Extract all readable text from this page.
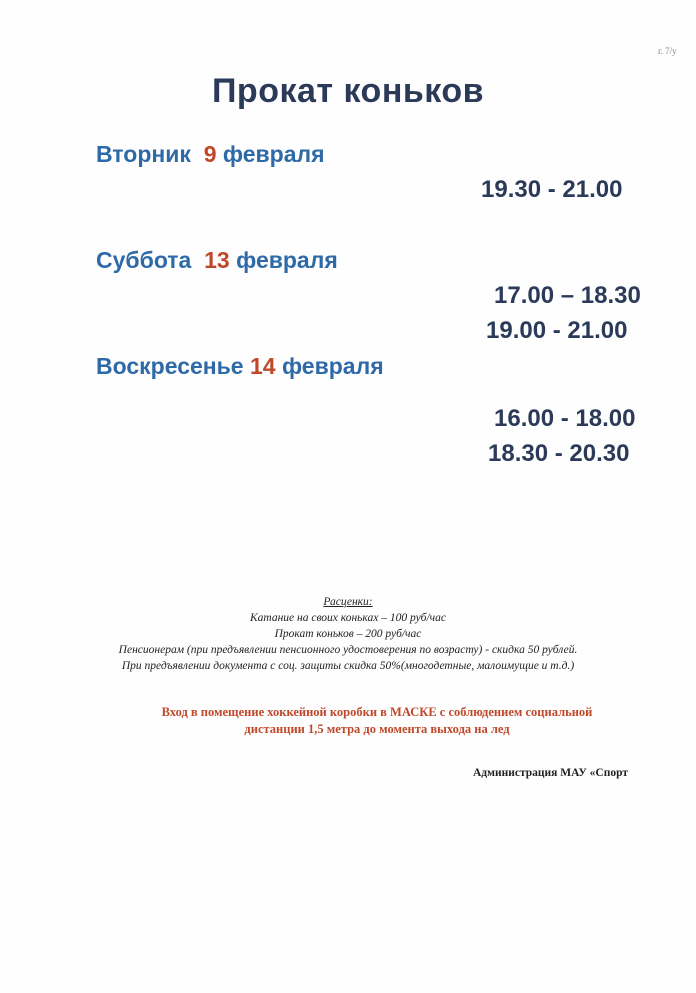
г. 7/у
Прокат коньков
Вторник 9 февраля
19.30 - 21.00
Суббота 13 февраля
17.00 – 18.30
19.00 - 21.00
Воскресенье 14 февраля
16.00 - 18.00
18.30 - 20.30
Расценки:
Катание на своих коньках – 100 руб/час
Прокат коньков – 200 руб/час
Пенсионерам (при предъявлении пенсионного удостоверения по возрасту) - скидка 50 рублей.
При предъявлении документа с соц. защиты скидка 50%(многодетные, малоимущие и т.д.)
Вход в помещение хоккейной коробки в МАСКЕ с соблюдением социальной
дистанции 1,5 метра до момента выхода на лед
Администрация МАУ «Спорт
